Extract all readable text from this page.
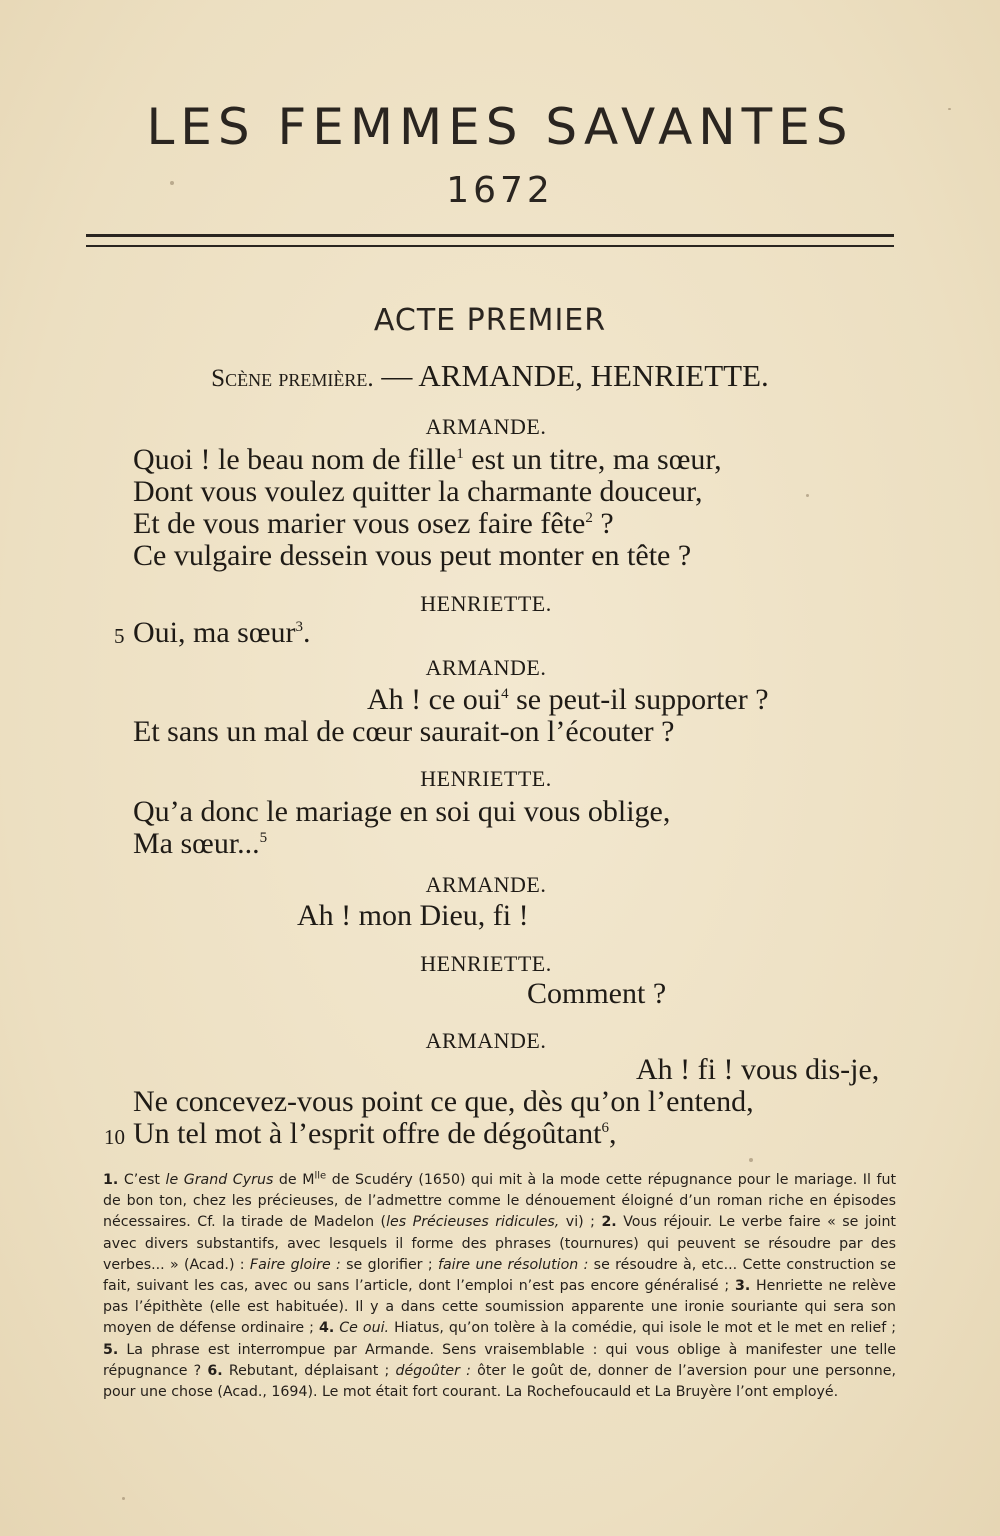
LES FEMMES SAVANTES
1672
ACTE PREMIER
Scène première. — ARMANDE, HENRIETTE.
ARMANDE.
Quoi ! le beau nom de fille$^1$ est un titre, ma sœur,
Dont vous voulez quitter la charmante douceur,
Et de vous marier vous osez faire fête$^2$ ?
Ce vulgaire dessein vous peut monter en tête ?
HENRIETTE.
5 Oui, ma sœur$^3$.
ARMANDE.
Ah ! ce oui$^4$ se peut-il supporter ?
Et sans un mal de cœur saurait-on l’écouter ?
HENRIETTE.
Qu’a donc le mariage en soi qui vous oblige,
Ma sœur...$^5$
ARMANDE.
Ah ! mon Dieu, fi !
HENRIETTE.
Comment ?
ARMANDE.
Ah ! fi ! vous dis-je,
Ne concevez-vous point ce que, dès qu’on l’entend,
10 Un tel mot à l’esprit offre de dégoûtant$^6$,
1. C’est le Grand Cyrus de $M^{lle}$ de Scudéry (1650) qui mit à la mode cette répugnance pour le mariage. Il fut de bon ton, chez les précieuses, de l’admettre comme le dénouement éloigné d’un roman riche en épisodes nécessaires. Cf. la tirade de Madelon (les Précieuses ridicules, vi) ; 2. Vous réjouir. Le verbe faire « se joint avec divers substantifs, avec lesquels il forme des phrases (tournures) qui peuvent se résoudre par des verbes... » (Acad.) : Faire gloire : se glorifier ; faire une résolution : se résoudre à, etc... Cette construction se fait, suivant les cas, avec ou sans l’article, dont l’emploi n’est pas encore généralisé ; 3. Henriette ne relève pas l’épithète (elle est habituée). Il y a dans cette soumission apparente une ironie souriante qui sera son moyen de défense ordinaire ; 4. Ce oui. Hiatus, qu’on tolère à la comédie, qui isole le mot et le met en relief ; 5. La phrase est interrompue par Armande. Sens vraisemblable : qui vous oblige à manifester une telle répugnance ? 6. Rebutant, déplaisant ; dégoûter : ôter le goût de, donner de l’aversion pour une personne, pour une chose (Acad., 1694). Le mot était fort courant. La Rochefoucauld et La Bruyère l’ont employé.
